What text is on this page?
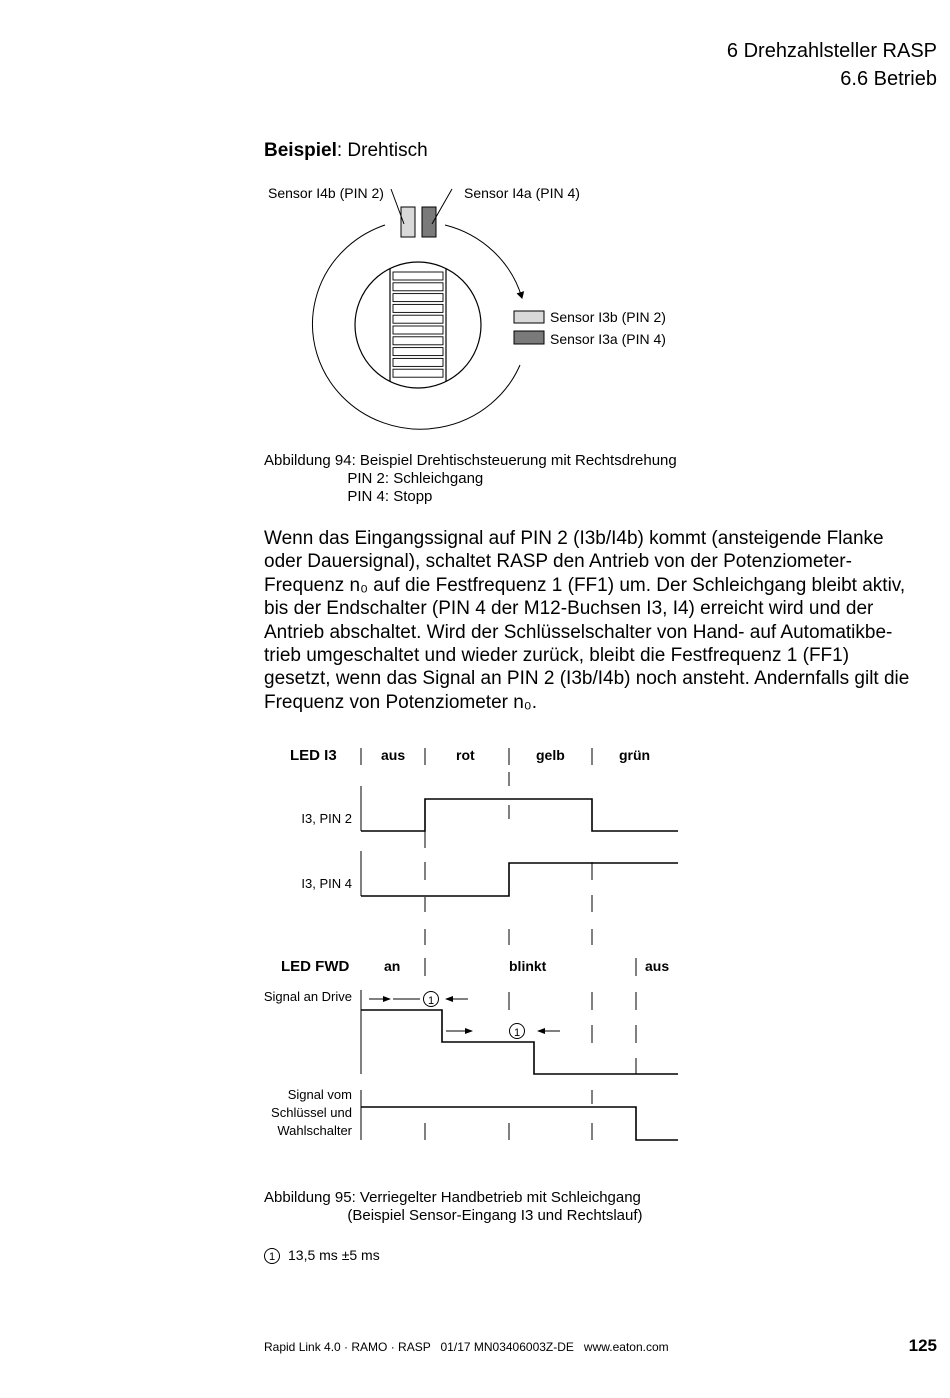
6 Drehzahlsteller RASP
6.6 Betrieb
Beispiel: Drehtisch
Sensor I4b (PIN 2)	Sensor I4a (PIN 4)
Sensor I3b (PIN 2)
Sensor I3a (PIN 4)
Abbildung 94: Beispiel Drehtischsteuerung mit Rechtsdrehung
PIN 2: Schleichgang
PIN 4: Stopp
Wenn das Eingangssignal auf PIN 2 (I3b/I4b) kommt (ansteigende Flanke
oder Dauersignal), schaltet RASP den Antrieb von der Potenziometer-
Frequenz n₀ auf die Festfrequenz 1 (FF1) um. Der Schleichgang bleibt aktiv,
bis der Endschalter (PIN 4 der M12-Buchsen I3, I4) erreicht wird und der
Antrieb abschaltet. Wird der Schlüsselschalter von Hand- auf Automatikbe-
trieb umgeschaltet und wieder zurück, bleibt die Festfrequenz 1 (FF1)
gesetzt, wenn das Signal an PIN 2 (I3b/I4b) noch ansteht. Andernfalls gilt die
Frequenz von Potenziometer n₀.
LED I3	aus	rot	gelb	grün
I3, PIN 2
I3, PIN 4
LED FWD an	blinkt	aus
Signal an Drive
Signal vom
Schlüssel und
Wahlschalter
1
1
Abbildung 95: Verriegelter Handbetrieb mit Schleichgang
(Beispiel Sensor-Eingang I3 und Rechtslauf)
1 13,5 ms ±5 ms
Rapid Link 4.0 · RAMO · RASP   01/17 MN03406003Z-DE   www.eaton.com	125
